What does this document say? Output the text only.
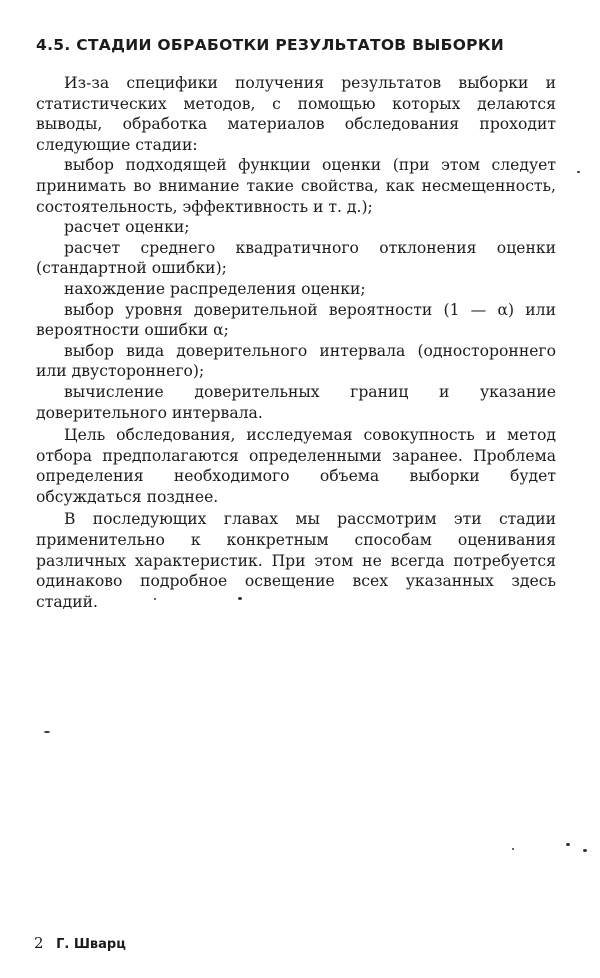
4.5. СТАДИИ ОБРАБОТКИ РЕЗУЛЬТАТОВ ВЫБОРКИ

Из-за специфики получения результатов выборки и статистических методов, с помощью которых делаются выводы, обработка материалов обследования проходит следующие стадии:

выбор подходящей функции оценки (при этом следует принимать во внимание такие свойства, как несмещенность, состоятельность, эффективность и т. д.);

расчет оценки;

расчет среднего квадратичного отклонения оценки (стандартной ошибки);

нахождение распределения оценки;

выбор уровня доверительной вероятности (1 — α) или вероятности ошибки α;

выбор вида доверительного интервала (одностороннего или двустороннего);

вычисление доверительных границ и указание доверительного интервала.

Цель обследования, исследуемая совокупность и метод отбора предполагаются определенными заранее. Проблема определения необходимого объема выборки будет обсуждаться позднее.

В последующих главах мы рассмотрим эти стадии применительно к конкретным способам оценивания различных характеристик. При этом не всегда потребуется одинаково подробное освещение всех указанных здесь стадий.

2 Г. Шварц
